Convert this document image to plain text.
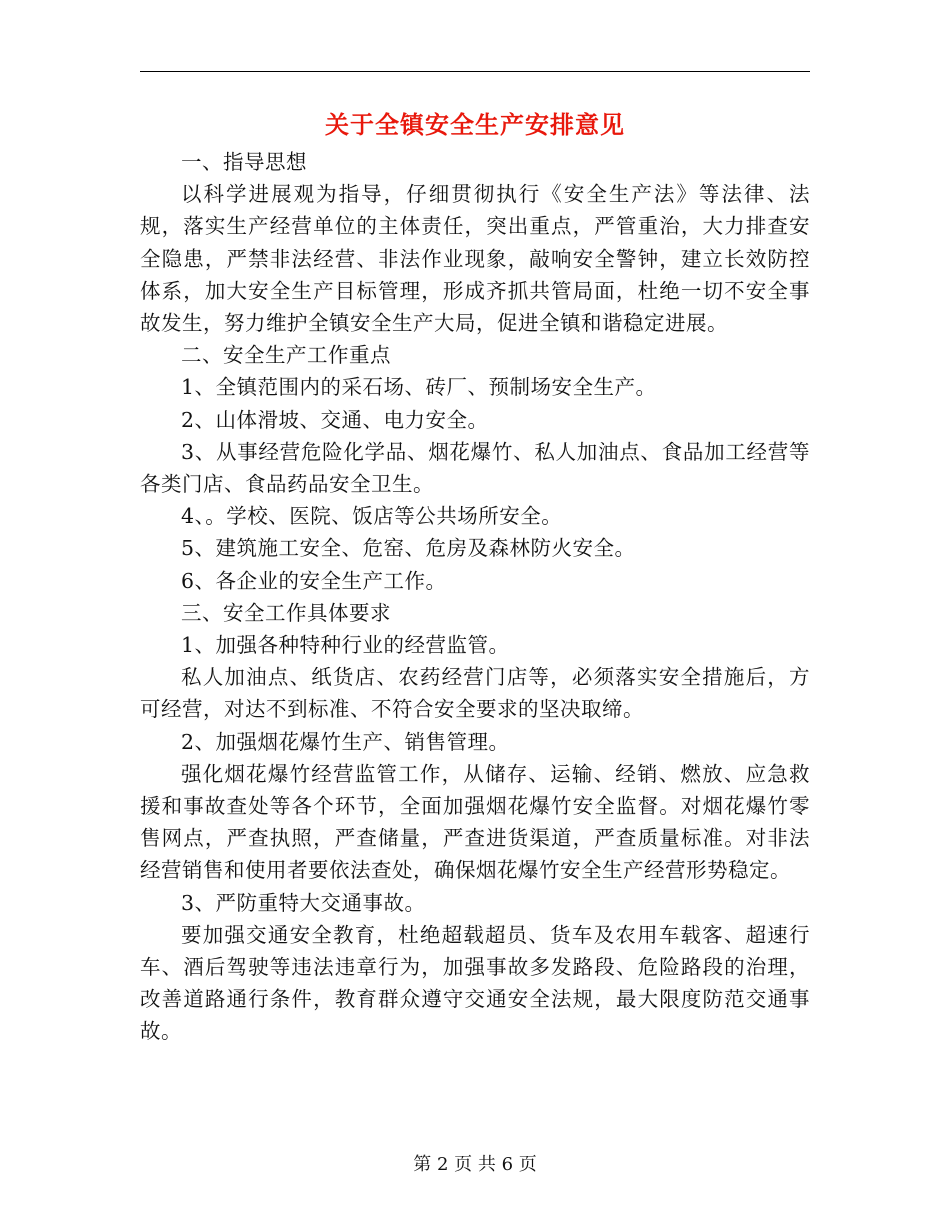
关于全镇安全生产安排意见

一、指导思想

以科学进展观为指导，仔细贯彻执行《安全生产法》等法律、法规，落实生产经营单位的主体责任，突出重点，严管重治，大力排查安全隐患，严禁非法经营、非法作业现象，敲响安全警钟，建立长效防控体系，加大安全生产目标管理，形成齐抓共管局面，杜绝一切不安全事故发生，努力维护全镇安全生产大局，促进全镇和谐稳定进展。

二、安全生产工作重点

1、全镇范围内的采石场、砖厂、预制场安全生产。

2、山体滑坡、交通、电力安全。

3、从事经营危险化学品、烟花爆竹、私人加油点、食品加工经营等各类门店、食品药品安全卫生。

4、。学校、医院、饭店等公共场所安全。

5、建筑施工安全、危窑、危房及森林防火安全。

6、各企业的安全生产工作。

三、安全工作具体要求

1、加强各种特种行业的经营监管。

私人加油点、纸货店、农药经营门店等，必须落实安全措施后，方可经营，对达不到标准、不符合安全要求的坚决取缔。

2、加强烟花爆竹生产、销售管理。

强化烟花爆竹经营监管工作，从储存、运输、经销、燃放、应急救援和事故查处等各个环节，全面加强烟花爆竹安全监督。对烟花爆竹零售网点，严查执照，严查储量，严查进货渠道，严查质量标准。对非法经营销售和使用者要依法查处，确保烟花爆竹安全生产经营形势稳定。

3、严防重特大交通事故。

要加强交通安全教育，杜绝超载超员、货车及农用车载客、超速行车、酒后驾驶等违法违章行为，加强事故多发路段、危险路段的治理，改善道路通行条件，教育群众遵守交通安全法规，最大限度防范交通事故。

第 2 页 共 6 页
